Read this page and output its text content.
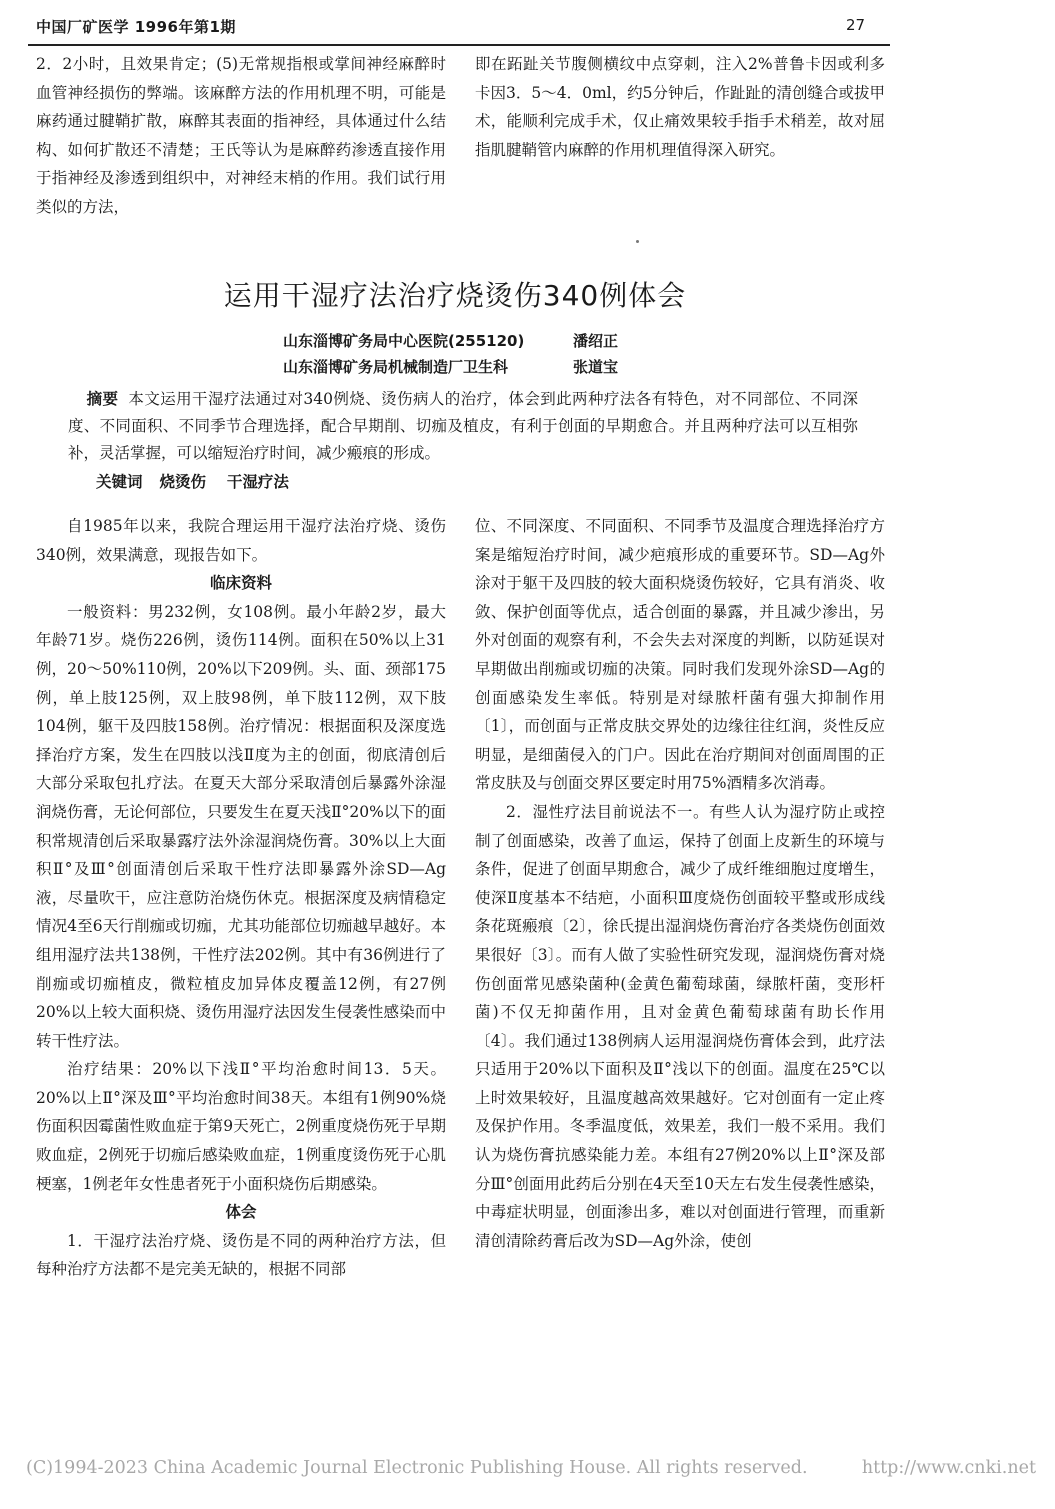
中国厂矿医学 1996年第1期	27

2．2小时，且效果肯定；(5)无常规指根或掌间神经麻醉时血管神经损伤的弊端。该麻醉方法的作用机理不明，可能是麻药通过腱鞘扩散，麻醉其表面的指神经，具体通过什么结构、如何扩散还不清楚；王氏等认为是麻醉药渗透直接作用于指神经及渗透到组织中，对神经末梢的作用。我们试行用类似的方法，

即在跖趾关节腹侧横纹中点穿刺，注入2%普鲁卡因或利多卡因3．5～4．0ml，约5分钟后，作趾趾的清创缝合或拔甲术，能顺利完成手术，仅止痛效果较手指手术稍差，故对屈指肌腱鞘管内麻醉的作用机理值得深入研究。

运用干湿疗法治疗烧烫伤340例体会
山东淄博矿务局中心医院(255120)	潘绍正
山东淄博矿务局机械制造厂卫生科	张道宝
摘要 本文运用干湿疗法通过对340例烧、烫伤病人的治疗，体会到此两种疗法各有特色，对不同部位、不同深度、不同面积、不同季节合理选择，配合早期削、切痂及植皮，有利于创面的早期愈合。并且两种疗法可以互相弥补，灵活掌握，可以缩短治疗时间，减少瘢痕的形成。
关键词 烧烫伤 干湿疗法

自1985年以来，我院合理运用干湿疗法治疗烧、烫伤340例，效果满意，现报告如下。

临床资料

一般资料：男232例，女108例。最小年龄2岁，最大年龄71岁。烧伤226例，烫伤114例。面积在50%以上31例，20～50%110例，20%以下209例。头、面、颈部175例，单上肢125例，双上肢98例，单下肢112例，双下肢104例，躯干及四肢158例。治疗情况：根据面积及深度选择治疗方案，发生在四肢以浅Ⅱ度为主的创面，彻底清创后大部分采取包扎疗法。在夏天大部分采取清创后暴露外涂湿润烧伤膏，无论何部位，只要发生在夏天浅Ⅱ°20%以下的面积常规清创后采取暴露疗法外涂湿润烧伤膏。30%以上大面积Ⅱ°及Ⅲ°创面清创后采取干性疗法即暴露外涂SD—Ag液，尽量吹干，应注意防治烧伤休克。根据深度及病情稳定情况4至6天行削痂或切痂，尤其功能部位切痂越早越好。本组用湿疗法共138例，干性疗法202例。其中有36例进行了削痂或切痂植皮，微粒植皮加异体皮覆盖12例，有27例20%以上较大面积烧、烫伤用湿疗法因发生侵袭性感染而中转干性疗法。

治疗结果：20%以下浅Ⅱ°平均治愈时间13．5天。20%以上Ⅱ°深及Ⅲ°平均治愈时间38天。本组有1例90%烧伤面积因霉菌性败血症于第9天死亡，2例重度烧伤死于早期败血症，2例死于切痂后感染败血症，1例重度烫伤死于心肌梗塞，1例老年女性患者死于小面积烧伤后期感染。

体会

1．干湿疗法治疗烧、烫伤是不同的两种治疗方法，但每种治疗方法都不是完美无缺的，根据不同部

位、不同深度、不同面积、不同季节及温度合理选择治疗方案是缩短治疗时间，减少疤痕形成的重要环节。SD—Ag外涂对于躯干及四肢的较大面积烧烫伤较好，它具有消炎、收敛、保护创面等优点，适合创面的暴露，并且减少渗出，另外对创面的观察有利，不会失去对深度的判断，以防延误对早期做出削痂或切痂的决策。同时我们发现外涂SD—Ag的创面感染发生率低。特别是对绿脓杆菌有强大抑制作用〔1〕，而创面与正常皮肤交界处的边缘往往红润，炎性反应明显，是细菌侵入的门户。因此在治疗期间对创面周围的正常皮肤及与创面交界区要定时用75%酒精多次消毒。

2．湿性疗法目前说法不一。有些人认为湿疗防止或控制了创面感染，改善了血运，保持了创面上皮新生的环境与条件，促进了创面早期愈合，减少了成纤维细胞过度增生，使深Ⅱ度基本不结疤，小面积Ⅲ度烧伤创面较平整或形成线条花斑瘢痕〔2〕，徐氏提出湿润烧伤膏治疗各类烧伤创面效果很好〔3〕。而有人做了实验性研究发现，湿润烧伤膏对烧伤创面常见感染菌种(金黄色葡萄球菌，绿脓杆菌，变形杆菌)不仅无抑菌作用，且对金黄色葡萄球菌有助长作用〔4〕。我们通过138例病人运用湿润烧伤膏体会到，此疗法只适用于20%以下面积及Ⅱ°浅以下的创面。温度在25℃以上时效果较好，且温度越高效果越好。它对创面有一定止疼及保护作用。冬季温度低，效果差，我们一般不采用。我们认为烧伤膏抗感染能力差。本组有27例20%以上Ⅱ°深及部分Ⅲ°创面用此药后分别在4天至10天左右发生侵袭性感染，中毒症状明显，创面渗出多，难以对创面进行管理，而重新清创清除药膏后改为SD—Ag外涂，使创

(C)1994-2023 China Academic Journal Electronic Publishing House. All rights reserved.	http://www.cnki.net
